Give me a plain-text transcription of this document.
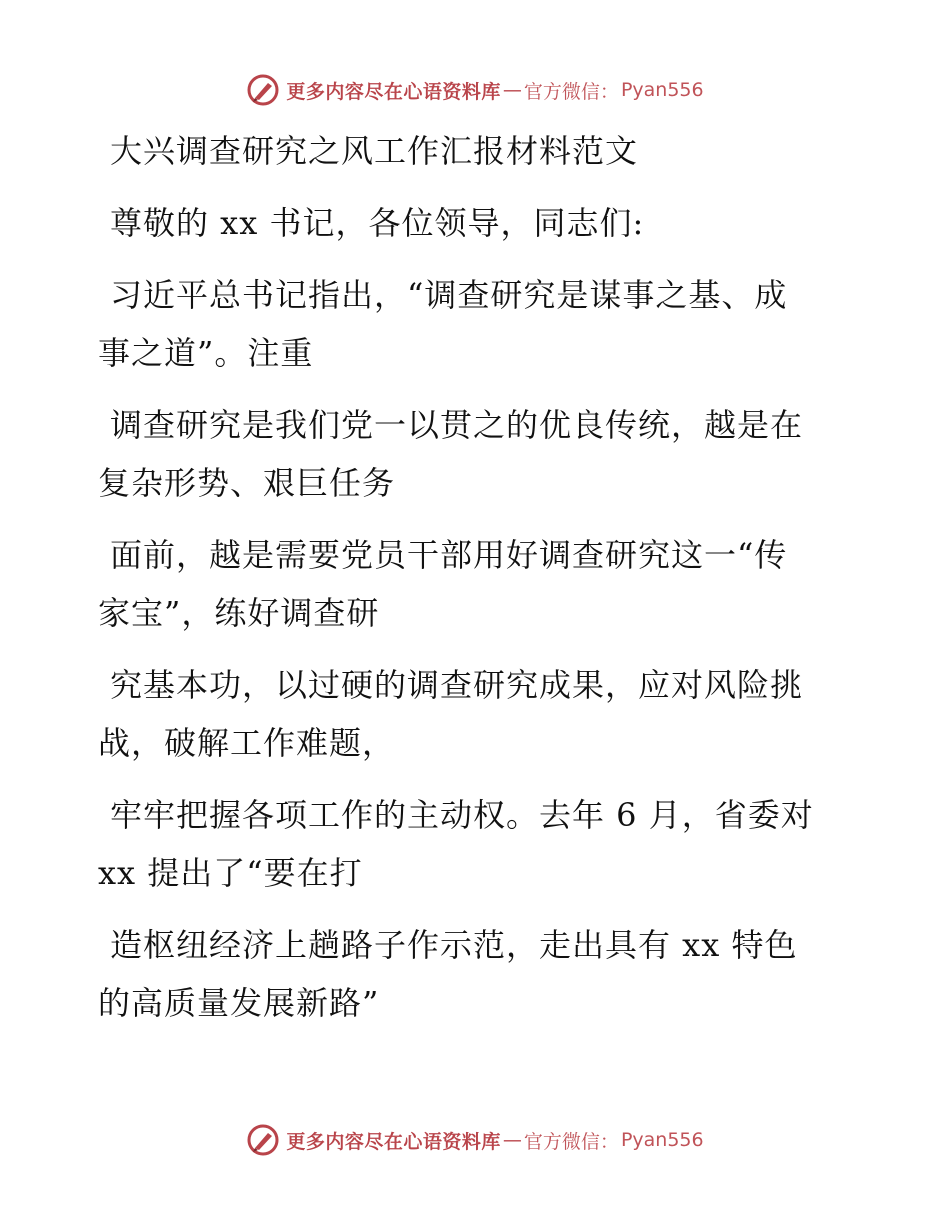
更多内容尽在心语资料库 — 官方微信： Pyan556
大兴调查研究之风工作汇报材料范文
尊敬的 xx 书记，各位领导，同志们:
习近平总书记指出，“调查研究是谋事之基、成
事之道”。注重
调查研究是我们党一以贯之的优良传统，越是在
复杂形势、艰巨任务
面前，越是需要党员干部用好调查研究这一“传
家宝”，练好调查研
究基本功，以过硬的调查研究成果，应对风险挑
战，破解工作难题，
牢牢把握各项工作的主动权。去年 6 月，省委对
xx 提出了“要在打
造枢纽经济上趟路子作示范，走出具有 xx 特色
的高质量发展新路”
更多内容尽在心语资料库 — 官方微信： Pyan556
